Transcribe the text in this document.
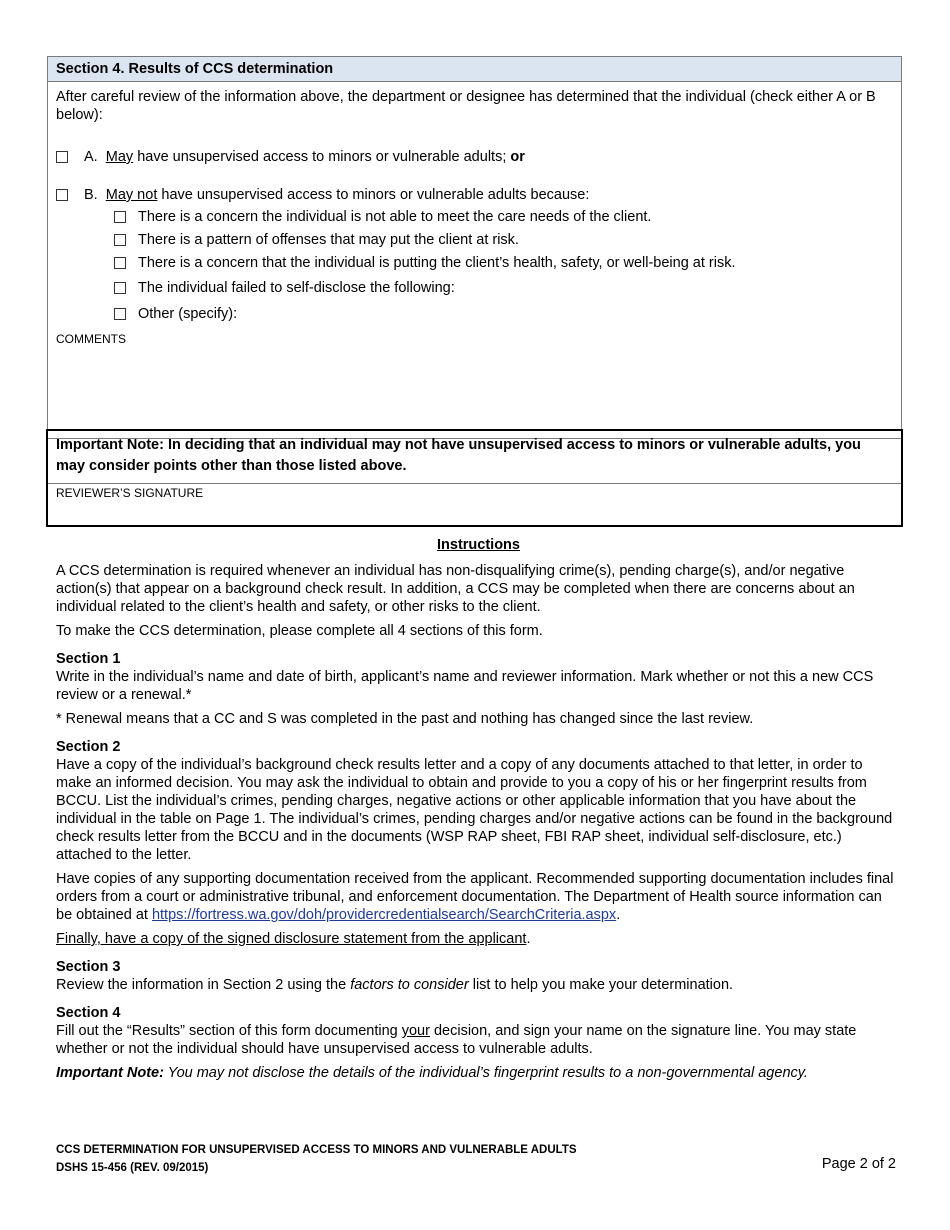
Section 4. Results of CCS determination

After careful review of the information above, the department or designee has determined that the individual (check either A or B below):

A.
May have unsupervised access to minors or vulnerable adults; or
B.
May not have unsupervised access to minors or vulnerable adults because:
There is a concern the individual is not able to meet the care needs of the client.
There is a pattern of offenses that may put the client at risk.
There is a concern that the individual is putting the client’s health, safety, or well-being at risk.
The individual failed to self-disclose the following:
Other (specify):
COMMENTS
Important Note: In deciding that an individual may not have unsupervised access to minors or vulnerable adults, you may consider points other than those listed above.
REVIEWER’S SIGNATURE
Instructions

A CCS determination is required whenever an individual has non-disqualifying crime(s), pending charge(s), and/or negative action(s) that appear on a background check result. In addition, a CCS may be completed when there are concerns about an individual related to the client’s health and safety, or other risks to the client.

To make the CCS determination, please complete all 4 sections of this form.

Section 1

Write in the individual’s name and date of birth, applicant’s name and reviewer information. Mark whether or not this a new CCS review or a renewal.*

* Renewal means that a CC and S was completed in the past and nothing has changed since the last review.

Section 2

Have a copy of the individual’s background check results letter and a copy of any documents attached to that letter, in order to make an informed decision. You may ask the individual to obtain and provide to you a copy of his or her fingerprint results from BCCU. List the individual’s crimes, pending charges, negative actions or other applicable information that you have about the individual in the table on Page 1. The individual’s crimes, pending charges and/or negative actions can be found in the background check results letter from the BCCU and in the documents (WSP RAP sheet, FBI RAP sheet, individual self-disclosure, etc.) attached to the letter.

Have copies of any supporting documentation received from the applicant. Recommended supporting documentation includes final orders from a court or administrative tribunal, and enforcement documentation. The Department of Health source information can be obtained at https://fortress.wa.gov/doh/providercredentialsearch/SearchCriteria.aspx.

Finally, have a copy of the signed disclosure statement from the applicant.

Section 3

Review the information in Section 2 using the factors to consider list to help you make your determination.

Section 4

Fill out the “Results” section of this form documenting your decision, and sign your name on the signature line. You may state whether or not the individual should have unsupervised access to vulnerable adults.

Important Note: You may not disclose the details of the individual’s fingerprint results to a non-governmental agency.

CCS DETERMINATION FOR UNSUPERVISED ACCESS TO MINORS AND VULNERABLE ADULTS
DSHS 15-456 (REV. 09/2015)	Page 2 of 2
